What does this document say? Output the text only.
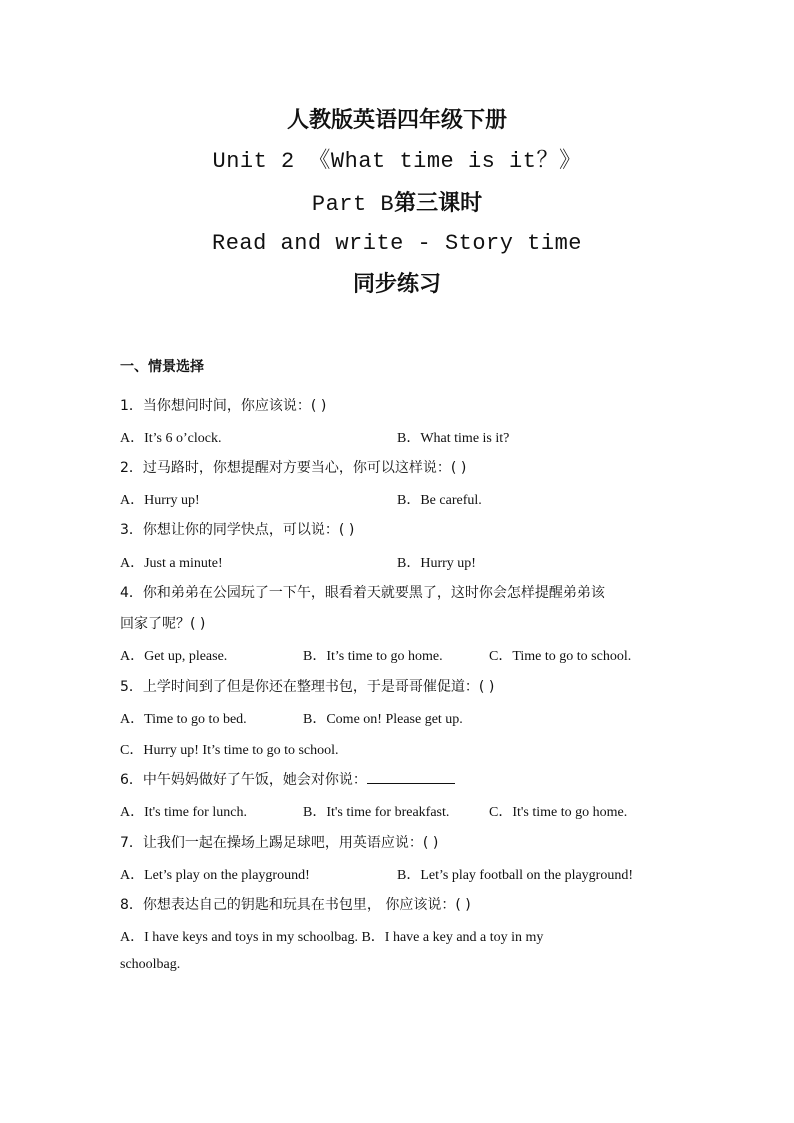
人教版英语四年级下册
Unit 2 《What time is it？》
Part B第三课时
Read and write - Story time
同步练习
一、情景选择
1．当你想问时间，你应该说：( )
A．It’s 6 o’clock.	B．What time is it?
2．过马路时，你想提醒对方要当心，你可以这样说：( )
A．Hurry up!	B．Be careful.
3．你想让你的同学快点，可以说：( )
A．Just a minute!	B．Hurry up!
4．你和弟弟在公园玩了一下午，眼看着天就要黑了，这时你会怎样提醒弟弟该
回家了呢？( )
A．Get up, please.	B．It’s time to go home.	C．Time to go to school.
5．上学时间到了但是你还在整理书包，于是哥哥催促道：( )
A．Time to go to bed.	B．Come on! Please get up.
C．Hurry up! It’s time to go to school.
6．中午妈妈做好了午饭，她会对你说：
A．It's time for lunch.	B．It's time for breakfast.	C．It's time to go home.
7．让我们一起在操场上踢足球吧，用英语应说：( )
A．Let’s play on the playground!	B．Let’s play football on the playground!
8．你想表达自己的钥匙和玩具在书包里， 你应该说：( )
A．I have keys and toys in my schoolbag. B．I have a key and a toy in my
schoolbag.
